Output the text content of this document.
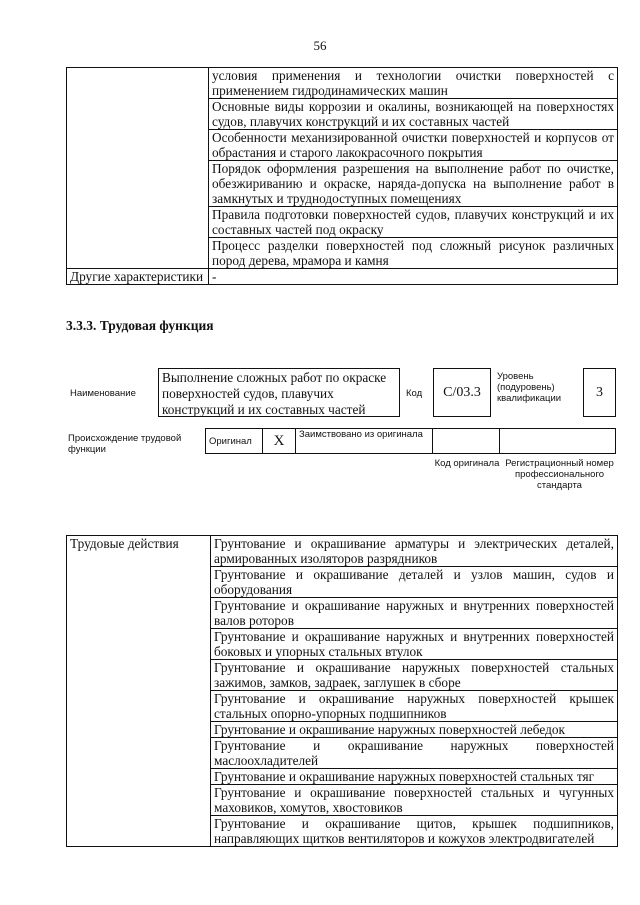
56
	условия применения и технологии очистки поверхностей с применением гидродинамических машин
	Основные виды коррозии и окалины, возникающей на поверхностях судов, плавучих конструкций и их составных частей
	Особенности механизированной очистки поверхностей и корпусов от обрастания и старого лакокрасочного покрытия
	Порядок оформления разрешения на выполнение работ по очистке, обезжириванию и окраске, наряда-допуска на выполнение работ в замкнутых и труднодоступных помещениях
	Правила подготовки поверхностей судов, плавучих конструкций и их составных частей под окраску
	Процесс разделки поверхностей под сложный рисунок различных пород дерева, мрамора и камня
Другие характеристики	-
3.3.3. Трудовая функция
Наименование
Выполнение сложных работ по окраске поверхностей судов, плавучих конструкций и их составных частей
Код	C/03.3
Уровень (подуровень) квалификации	3
Происхождение трудовой функции
Оригинал	X	Заимствовано из оригинала		
Код оригинала Регистрационный номер профессионального стандарта
Трудовые действия	Грунтование и окрашивание арматуры и электрических деталей, армированных изоляторов разрядников
Грунтование и окрашивание деталей и узлов машин, судов и оборудования
Грунтование и окрашивание наружных и внутренних поверхностей валов роторов
Грунтование и окрашивание наружных и внутренних поверхностей боковых и упорных стальных втулок
Грунтование и окрашивание наружных поверхностей стальных зажимов, замков, задраек, заглушек в сборе
Грунтование и окрашивание наружных поверхностей крышек стальных опорно-упорных подшипников
Грунтование и окрашивание наружных поверхностей лебедок
Грунтование и окрашивание наружных поверхностей маслоохладителей
Грунтование и окрашивание наружных поверхностей стальных тяг
Грунтование и окрашивание поверхностей стальных и чугунных маховиков, хомутов, хвостовиков
Грунтование и окрашивание щитов, крышек подшипников, направляющих щитков вентиляторов и кожухов электродвигателей
